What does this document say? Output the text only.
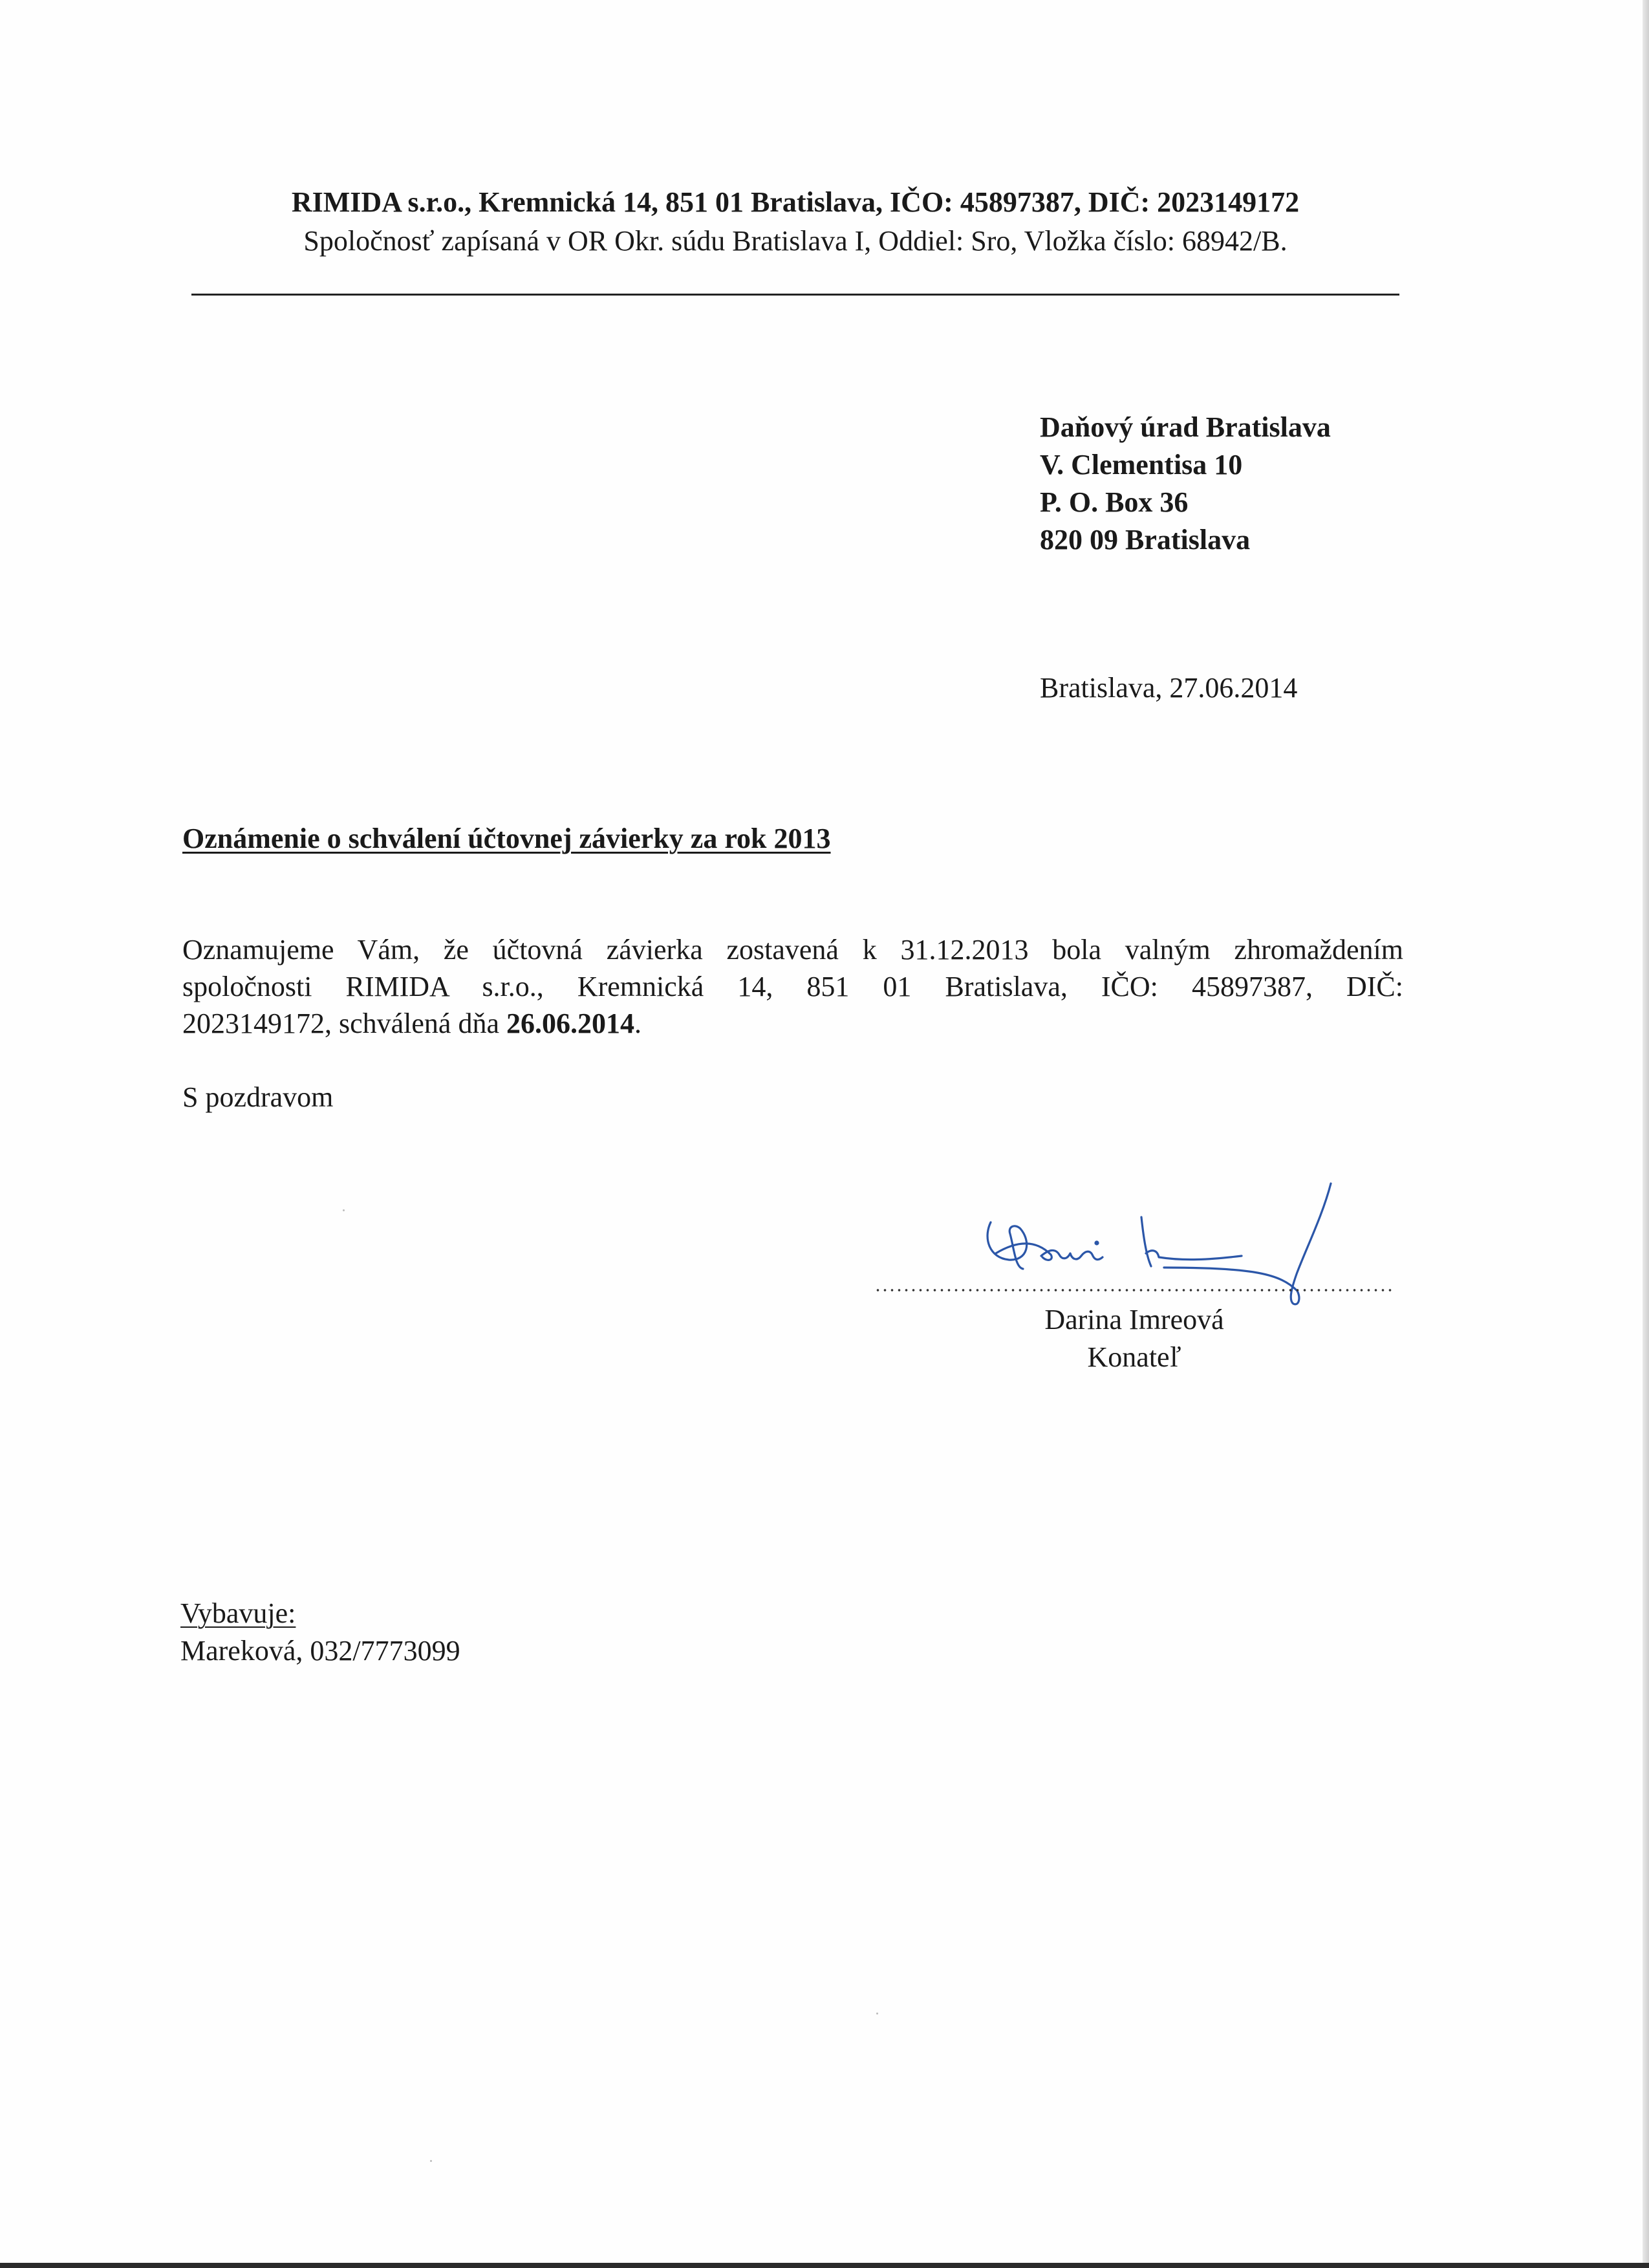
RIMIDA s.r.o., Kremnická 14, 851 01 Bratislava, IČO: 45897387, DIČ: 2023149172
Spoločnosť zapísaná v OR Okr. súdu Bratislava I, Oddiel: Sro, Vložka číslo: 68942/B.
Daňový úrad Bratislava
V. Clementisa 10
P. O. Box 36
820 09 Bratislava
Bratislava, 27.06.2014
Oznámenie o schválení účtovnej závierky za rok 2013
Oznamujeme Vám, že účtovná závierka zostavená k 31.12.2013 bola valným zhromaždením
spoločnosti RIMIDA s.r.o., Kremnická 14, 851 01 Bratislava, IČO: 45897387, DIČ:
2023149172, schválená dňa 26.06.2014.
S pozdravom
Darina Imreová
Konateľ
Vybavuje:
Mareková, 032/7773099
